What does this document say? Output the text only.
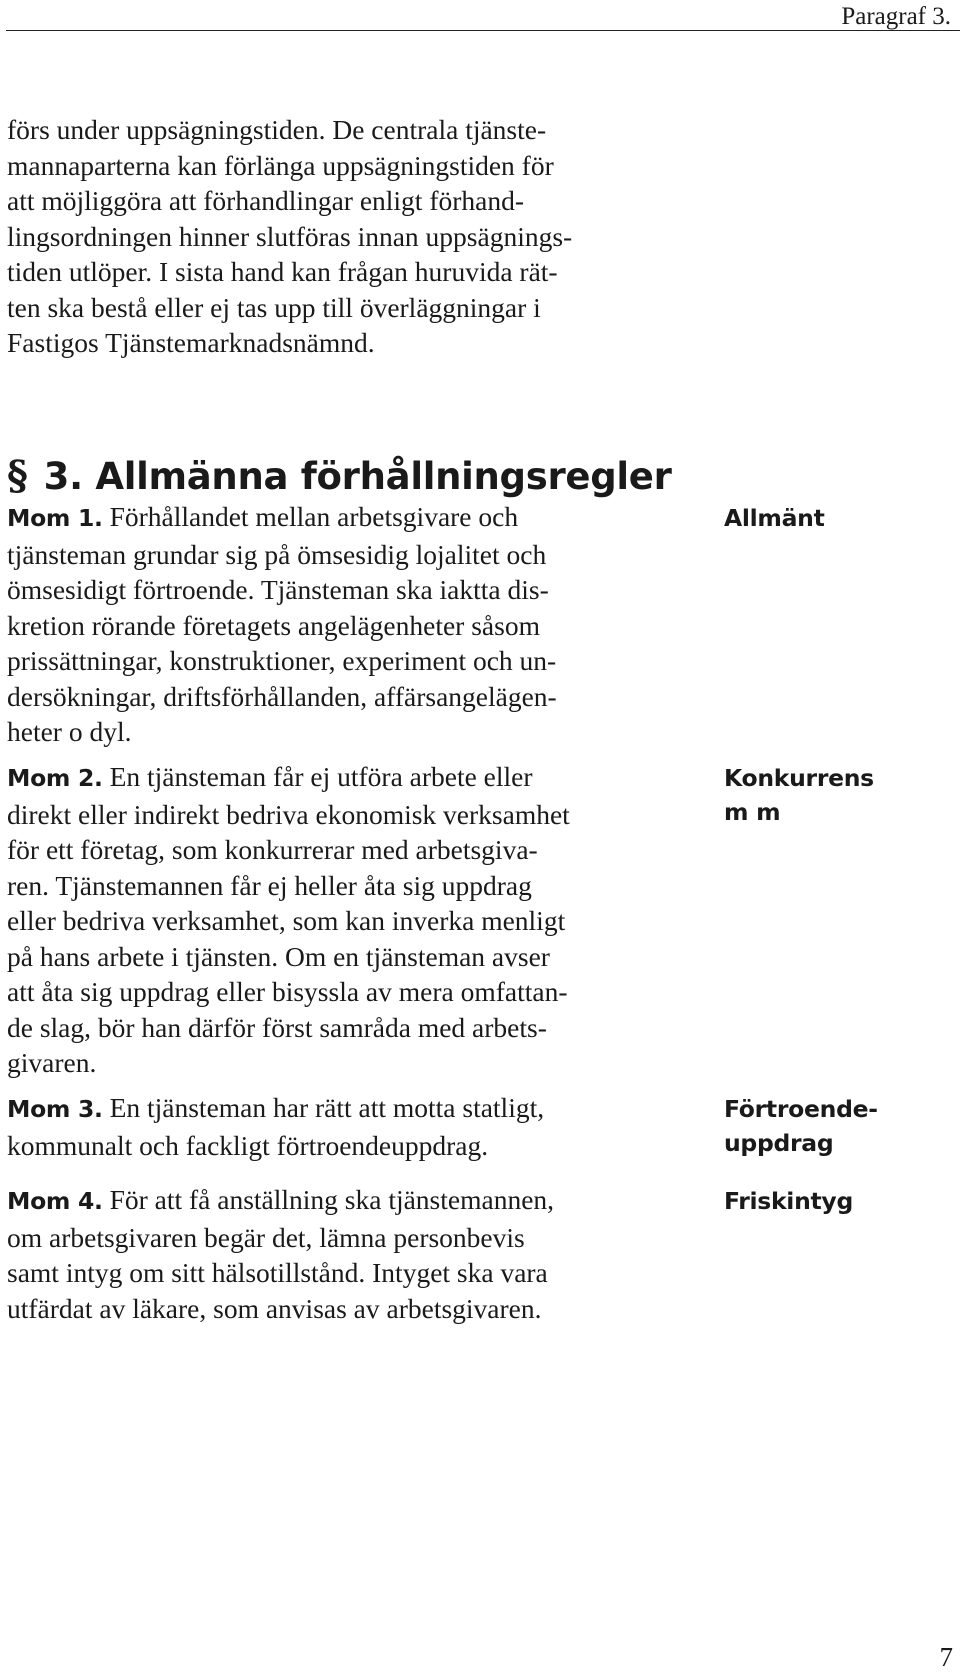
Paragraf 3.
förs under uppsägningstiden. De centrala tjänste-
mannaparterna kan förlänga uppsägningstiden för
att möjliggöra att förhandlingar enligt förhand-
lingsordningen hinner slutföras innan uppsägnings-
tiden utlöper. I sista hand kan frågan huruvida rät-
ten ska bestå eller ej tas upp till överläggningar i
Fastigos Tjänstemarknadsnämnd.
§ 3. Allmänna förhållningsregler
Mom 1. Förhållandet mellan arbetsgivare och
tjänsteman grundar sig på ömsesidig lojalitet och
ömsesidigt förtroende. Tjänsteman ska iaktta dis-
kretion rörande företagets angelägenheter såsom
prissättningar, konstruktioner, experiment och un-
dersökningar, driftsförhållanden, affärsangelägen-
heter o dyl.
Allmänt
Mom 2. En tjänsteman får ej utföra arbete eller
direkt eller indirekt bedriva ekonomisk verksamhet
för ett företag, som konkurrerar med arbetsgiva-
ren. Tjänstemannen får ej heller åta sig uppdrag
eller bedriva verksamhet, som kan inverka menligt
på hans arbete i tjänsten. Om en tjänsteman avser
att åta sig uppdrag eller bisyssla av mera omfattan-
de slag, bör han därför först samråda med arbets-
givaren.
Konkurrens
m m
Mom 3. En tjänsteman har rätt att motta statligt,
kommunalt och fackligt förtroendeuppdrag.
Förtroende-
uppdrag
Mom 4. För att få anställning ska tjänstemannen,
om arbetsgivaren begär det, lämna personbevis
samt intyg om sitt hälsotillstånd. Intyget ska vara
utfärdat av läkare, som anvisas av arbetsgivaren.
Friskintyg
7
